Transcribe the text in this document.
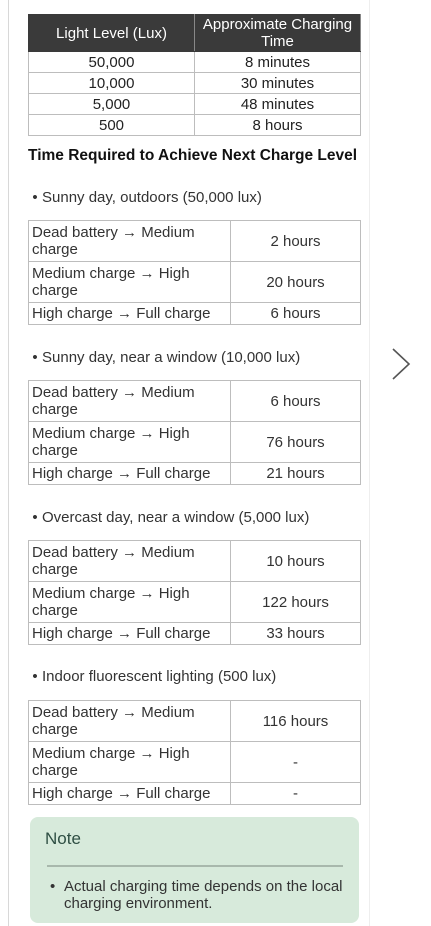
Light Level (Lux)	Approximate Charging Time
50,000	8 minutes
10,000	30 minutes
5,000	48 minutes
500	8 hours
Time Required to Achieve Next Charge Level
• Sunny day, outdoors (50,000 lux)
Dead battery → Medium charge	2 hours
Medium charge → High charge	20 hours
High charge → Full charge	6 hours
• Sunny day, near a window (10,000 lux)
Dead battery → Medium charge	6 hours
Medium charge → High charge	76 hours
High charge → Full charge	21 hours
• Overcast day, near a window (5,000 lux)
Dead battery → Medium charge	10 hours
Medium charge → High charge	122 hours
High charge → Full charge	33 hours
• Indoor fluorescent lighting (500 lux)
Dead battery → Medium charge	116 hours
Medium charge → High charge	-
High charge → Full charge	-
Note
• Actual charging time depends on the local charging environment.
